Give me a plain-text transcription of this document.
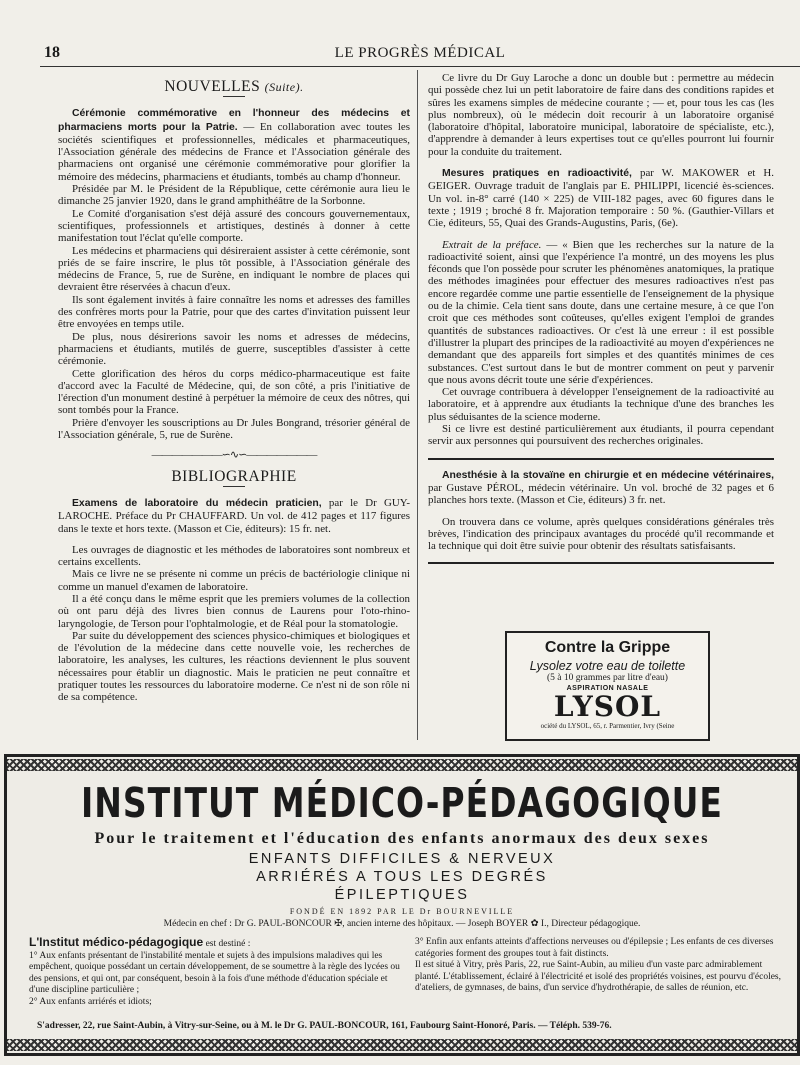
18	LE PROGRÈS MÉDICAL
NOUVELLES (Suite).

Cérémonie commémorative en l'honneur des médecins et pharmaciens morts pour la Patrie. — En collaboration avec toutes les sociétés scientifiques et professionnelles, médicales et pharmaceutiques, l'Association générale des médecins de France et l'Association générale des pharmaciens ont organisé une cérémonie commémorative pour glorifier la mémoire des médecins, pharmaciens et étudiants, tombés au champ d'honneur.

Présidée par M. le Président de la République, cette cérémonie aura lieu le dimanche 25 janvier 1920, dans le grand amphithéâtre de la Sorbonne.

Le Comité d'organisation s'est déjà assuré des concours gouvernementaux, scientifiques, professionnels et artistiques, destinés à donner à cette manifestation tout l'éclat qu'elle comporte.

Les médecins et pharmaciens qui désireraient assister à cette cérémonie, sont priés de se faire inscrire, le plus tôt possible, à l'Association générale des médecins de France, 5, rue de Surène, en indiquant le nombre de places qui devraient être réservées à chacun d'eux.

Ils sont également invités à faire connaître les noms et adresses des familles des confrères morts pour la Patrie, pour que des cartes d'invitation puissent leur être envoyées en temps utile.

De plus, nous désirerions savoir les noms et adresses de médecins, pharmaciens et étudiants, mutilés de guerre, susceptibles d'assister à cette cérémonie.

Cette glorification des héros du corps médico-pharmaceutique est faite d'accord avec la Faculté de Médecine, qui, de son côté, a pris l'initiative de l'érection d'un monument destiné à perpétuer la mémoire de ceux des nôtres, qui sont tombés pour la France.

Prière d'envoyer les souscriptions au Dr Jules Bongrand, trésorier général de l'Association générale, 5, rue de Surène.

———————∽∿∽———————
BIBLIOGRAPHIE

Examens de laboratoire du médecin praticien, par le Dr GUY-LAROCHE. Préface du Pr CHAUFFARD. Un vol. de 412 pages et 117 figures dans le texte et hors texte. (Masson et Cie, éditeurs): 15 fr. net.

Les ouvrages de diagnostic et les méthodes de laboratoires sont nombreux et certains excellents.

Mais ce livre ne se présente ni comme un précis de bactériologie clinique ni comme un manuel d'examen de laboratoire.

Il a été conçu dans le même esprit que les premiers volumes de la collection où ont paru déjà des livres bien connus de Laurens pour l'oto-rhino-laryngologie, de Terson pour l'ophtalmologie, et de Réal pour la stomatologie.

Par suite du développement des sciences physico-chimiques et biologiques et de l'évolution de la médecine dans cette nouvelle voie, les recherches de laboratoire, les analyses, les cultures, les réactions deviennent le plus souvent nécessaires pour établir un diagnostic. Mais le praticien ne peut connaître et pratiquer toutes les ressources du laboratoire moderne. Ce n'est ni de son rôle ni de sa compétence.

Ce livre du Dr Guy Laroche a donc un double but : permettre au médecin qui possède chez lui un petit laboratoire de faire dans des conditions rapides et sûres les examens simples de médecine courante ; — et, pour tous les cas (les plus nombreux), où le médecin doit recourir à un laboratoire organisé (laboratoire d'hôpital, laboratoire municipal, laboratoire de spécialiste, etc.), d'apprendre à demander à leurs expertises tout ce qu'elles pourront lui fournir pour la conduite du traitement.

Mesures pratiques en radioactivité, par W. MAKOWER et H. GEIGER. Ouvrage traduit de l'anglais par E. PHILIPPI, licencié ès-sciences. Un vol. in-8° carré (140 × 225) de VIII-182 pages, avec 60 figures dans le texte ; 1919 ; broché 8 fr. Majoration temporaire : 50 %. (Gauthier-Villars et Cie, éditeurs, 55, Quai des Grands-Augustins, Paris, (6e).

Extrait de la préface. — « Bien que les recherches sur la nature de la radioactivité soient, ainsi que l'expérience l'a montré, un des moyens les plus féconds que l'on possède pour scruter les phénomènes anatomiques, la pratique des méthodes imaginées pour effectuer des mesures radioactives n'est pas encore regardée comme une partie essentielle de l'enseignement de la physique ou de la chimie. Cela tient sans doute, dans une certaine mesure, à ce que l'on croit que ces méthodes sont coûteuses, qu'elles exigent l'emploi de grandes quantités de substances radioactives. Or c'est là une erreur : il est possible d'illustrer la plupart des principes de la radioactivité au moyen d'expériences ne demandant que des appareils fort simples et des quantités minimes de ces substances. C'est surtout dans le but de montrer comment on peut y parvenir que nous avons décrit toute une série d'expériences.

Cet ouvrage contribuera à développer l'enseignement de la radioactivité au laboratoire, et à apprendre aux étudiants la technique d'une des branches les plus séduisantes de la science moderne.

Si ce livre est destiné particulièrement aux étudiants, il pourra cependant servir aux personnes qui poursuivent des recherches originales.

Anesthésie à la stovaïne en chirurgie et en médecine vétérinaires, par Gustave PÉROL, médecin vétérinaire. Un vol. broché de 32 pages et 6 planches hors texte. (Masson et Cie, éditeurs) 3 fr. net.

On trouvera dans ce volume, après quelques considérations générales très brèves, l'indication des principaux avantages du procédé qu'il recommande et la technique qui doit être suivie pour obtenir des résultats satisfaisants.

Contre la Grippe
Lysolez votre eau de toilette
(5 à 10 grammes par litre d'eau)
ASPIRATION NASALE
LYSOL
ociété du LYSOL, 65, r. Parmentier, Ivry (Seine
INSTITUT MÉDICO-PÉDAGOGIQUE
Pour le traitement et l'éducation des enfants anormaux des deux sexes
ENFANTS DIFFICILES & NERVEUX
ARRIÉRÉS A TOUS LES DEGRÉS
ÉPILEPTIQUES
FONDÉ EN 1892 PAR LE Dr BOURNEVILLE
Médecin en chef : Dr G. PAUL-BONCOUR ✠, ancien interne des hôpitaux. — Joseph BOYER ✿ I., Directeur pédagogique.
L'Institut médico-pédagogique est destiné :
1° Aux enfants présentant de l'instabilité mentale et sujets à des impulsions maladives qui les empêchent, quoique possédant un certain développement, de se soumettre à la règle des lycées ou des pensions, et qui ont, par conséquent, besoin à la fois d'une méthode d'éducation spéciale et d'une discipline particulière ;
2° Aux enfants arriérés et idiots;
3° Enfin aux enfants atteints d'affections nerveuses ou d'épilepsie ; Les enfants de ces diverses catégories forment des groupes tout à fait distincts.
Il est situé à Vitry, près Paris, 22, rue Saint-Aubin, au milieu d'un vaste parc admirablement planté. L'établissement, éclairé à l'électricité et isolé des propriétés voisines, est pourvu d'écoles, d'ateliers, de gymnases, de bains, d'un service d'hydrothérapie, de salles de réunion, etc.
S'adresser, 22, rue Saint-Aubin, à Vitry-sur-Seine, ou à M. le Dr G. PAUL-BONCOUR, 161, Faubourg Saint-Honoré, Paris. — Téléph. 539-76.
